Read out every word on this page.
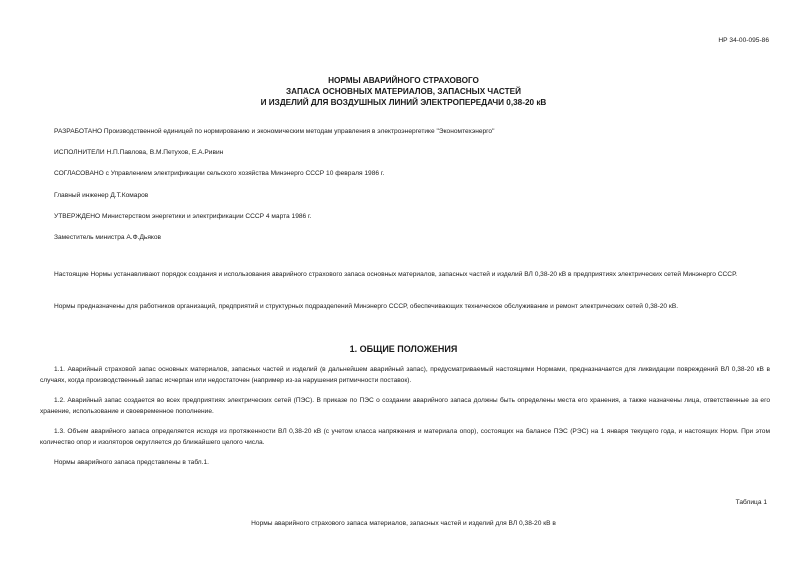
НР 34-00-095-86
НОРМЫ АВАРИЙНОГО СТРАХОВОГО
ЗАПАСА ОСНОВНЫХ МАТЕРИАЛОВ, ЗАПАСНЫХ ЧАСТЕЙ
И ИЗДЕЛИЙ ДЛЯ ВОЗДУШНЫХ ЛИНИЙ ЭЛЕКТРОПЕРЕДАЧИ 0,38-20 кВ
РАЗРАБОТАНО Производственной единицей по нормированию и экономическим методам управления в электроэнергетике "Экономтехэнерго"
ИСПОЛНИТЕЛИ Н.П.Павлова, В.М.Петухов, Е.А.Ривин
СОГЛАСОВАНО с Управлением электрификации сельского хозяйства Минэнерго СССР 10 февраля 1986 г.
Главный инженер Д.Т.Комаров
УТВЕРЖДЕНО Министерством энергетики и электрификации СССР 4 марта 1986 г.
Заместитель министра А.Ф.Дьяков
Настоящие Нормы устанавливают порядок создания и использования аварийного страхового запаса основных материалов, запасных частей и изделий ВЛ 0,38-20 кВ в предприятиях электрических сетей Минэнерго СССР.
Нормы предназначены для работников организаций, предприятий и структурных подразделений Минэнерго СССР, обеспечивающих техническое обслуживание и ремонт электрических сетей 0,38-20 кВ.
1. ОБЩИЕ ПОЛОЖЕНИЯ
1.1. Аварийный страховой запас основных материалов, запасных частей и изделий (в дальнейшем аварийный запас), предусматриваемый настоящими Нормами, предназначается для ликвидации повреждений ВЛ 0,38-20 кВ в случаях, когда производственный запас исчерпан или недостаточен (например из-за нарушения ритмичности поставок).
1.2. Аварийный запас создается во всех предприятиях электрических сетей (ПЭС). В приказе по ПЭС о создании аварийного запаса должны быть определены места его хранения, а также назначены лица, ответственные за его хранение, использование и своевременное пополнение.
1.3. Объем аварийного запаса определяется исходя из протяженности ВЛ 0,38-20 кВ (с учетом класса напряжения и материала опор), состоящих на балансе ПЭС (РЭС) на 1 января текущего года, и настоящих Норм. При этом количество опор и изоляторов округляется до ближайшего целого числа.
Нормы аварийного запаса представлены в табл.1.
Таблица 1
Нормы аварийного страхового запаса материалов, запасных частей и изделий для ВЛ 0,38-20 кВ в
